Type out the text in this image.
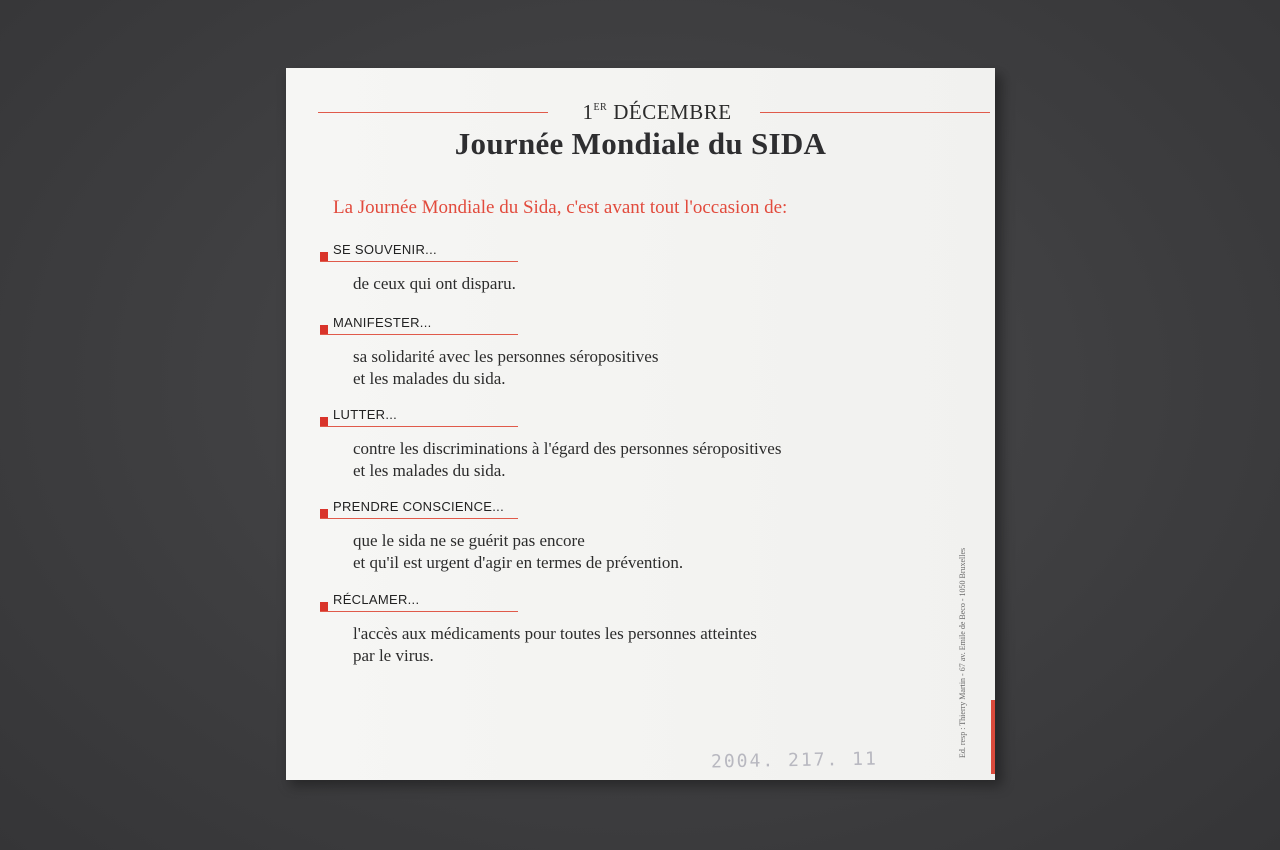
1ER DÉCEMBRE
Journée Mondiale du SIDA
La Journée Mondiale du Sida, c'est avant tout l'occasion de:
SE SOUVENIR...
de ceux qui ont disparu.
MANIFESTER...
sa solidarité avec les personnes séropositives
et les malades du sida.
LUTTER...
contre les discriminations à l'égard des personnes séropositives
et les malades du sida.
PRENDRE CONSCIENCE...
que le sida ne se guérit pas encore
et qu'il est urgent d'agir en termes de prévention.
RÉCLAMER...
l'accès aux médicaments pour toutes les personnes atteintes
par le virus.	Ed. resp : Thierry Martin - 67 av. Emile de Beco - 1050 Bruxelles
2004. 217. 11
